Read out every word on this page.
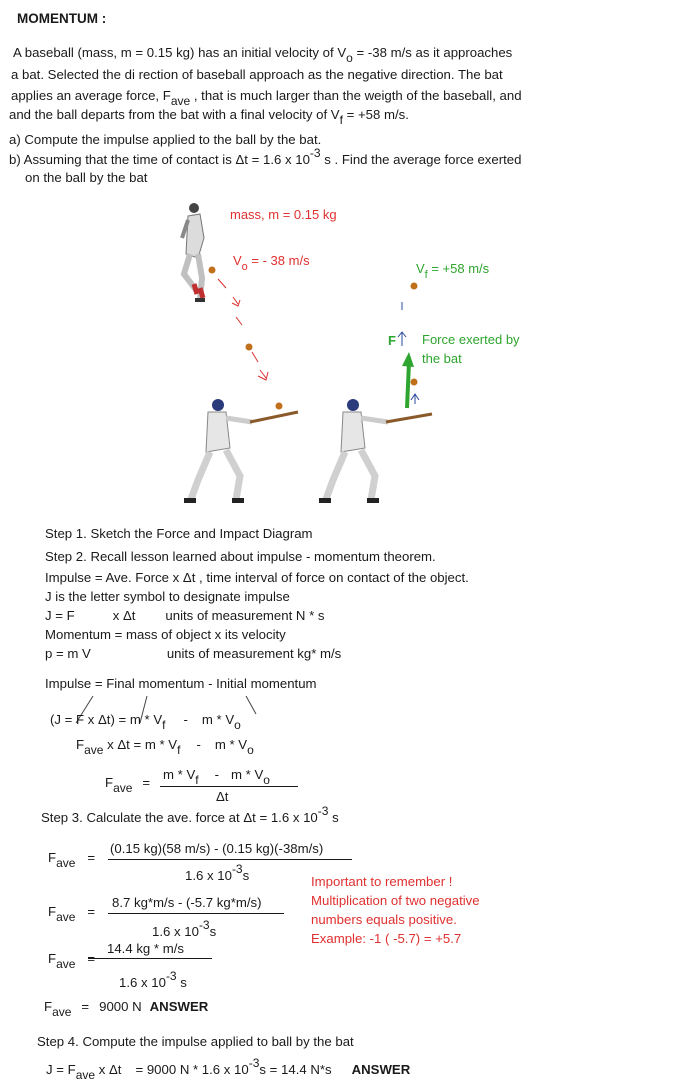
MOMENTUM :
A baseball (mass, m = 0.15 kg) has an initial velocity of Vo = -38 m/s as it approaches
a bat. Selected the di rection of baseball approach as the negative direction. The bat
applies an average force, Fave , that is much larger than the weigth of the baseball, and
and the ball departs from the bat with a final velocity of Vf = +58 m/s.
a) Compute the impulse applied to the ball by the bat.
b) Assuming that the time of contact is Δt = 1.6 x 10-3 s . Find the average force exerted
on the ball by the bat
mass, m = 0.15 kg
$V_o$ = - 38 m/s
$V_f = +58$ m/s
F Force exerted by
the bat
Step 1. Sketch the Force and Impact Diagram
Step 2. Recall lesson learned about impulse - momentum theorem.
Impulse = Ave. Force x Δt , time interval of force on contact of the object.
J is the letter symbol to designate impulse
J = F	x Δt units of measurement N * s
Momentum = mass of object x its velocity
p = m V	units of measurement kg* m/s
Impulse = Final momentum - Initial momentum
(J = F x Δt) = m * Vf - m * Vo
Fave x Δt = m * Vf - m * Vo
Fave =
m * Vf - m * Vo
Δt
Step 3. Calculate the ave. force at Δt = 1.6 x 10-3 s
Fave =
(0.15 kg)(58 m/s) - (0.15 kg)(-38m/s)
1.6 x 10-3s
Fave =
8.7 kg*m/s - (-5.7 kg*m/s)
1.6 x 10-3s
Fave =
14.4 kg * m/s
1.6 x 10-3 s
Fave = 9000 N ANSWER
Important to remember !
Multiplication of two negative
numbers equals positive.
Example: -1 ( -5.7) = +5.7
Step 4. Compute the impulse applied to ball by the bat
J = Fave x Δt = 9000 N * 1.6 x 10-3s = 14.4 N*s ANSWER
